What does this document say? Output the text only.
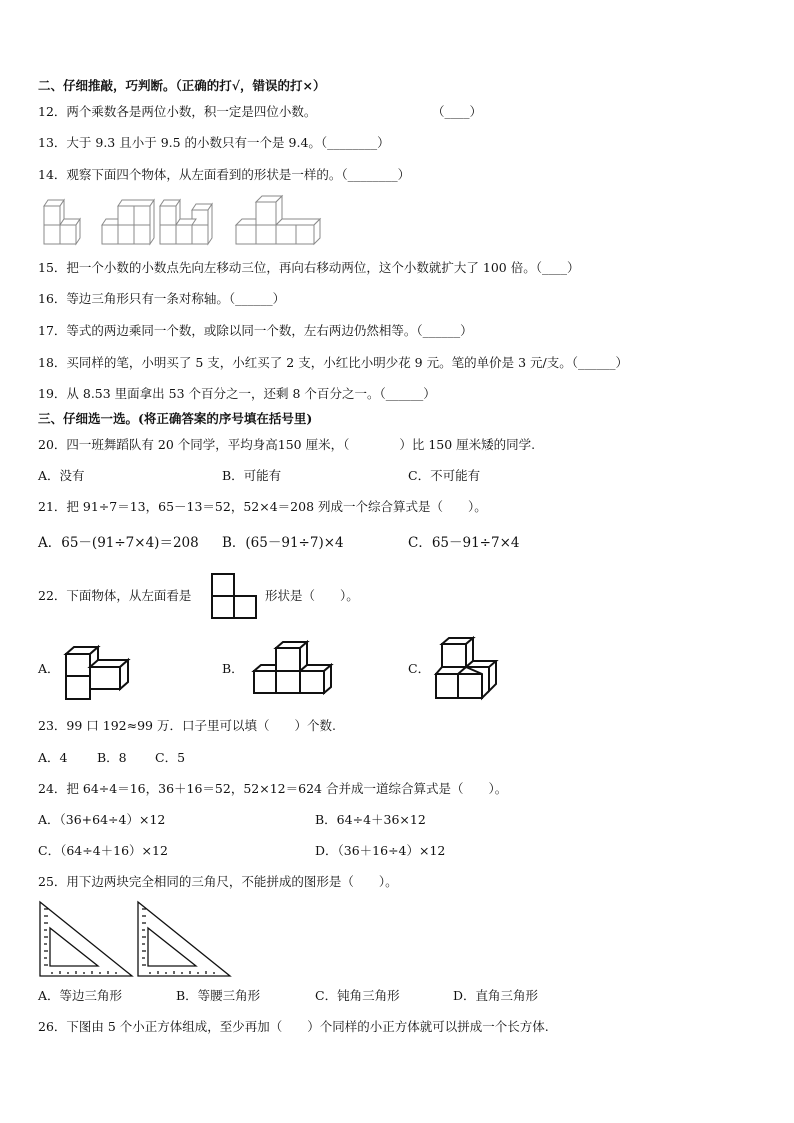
二、仔细推敲，巧判断。（正确的打√，错误的打×）
12．两个乘数各是两位小数，积一定是四位小数。	（____）
13．大于 9.3 且小于 9.5 的小数只有一个是 9.4。（________）
14．观察下面四个物体，从左面看到的形状是一样的。（________）
15．把一个小数的小数点先向左移动三位，再向右移动两位，这个小数就扩大了 100 倍。（____）
16．等边三角形只有一条对称轴。（______）
17．等式的两边乘同一个数，或除以同一个数，左右两边仍然相等。（______）
18．买同样的笔，小明买了 5 支，小红买了 2 支，小红比小明少花 9 元。笔的单价是 3 元/支。（______）
19．从 8.53 里面拿出 53 个百分之一，还剩 8 个百分之一。（______）
三、仔细选一选。(将正确答案的序号填在括号里)
20．四一班舞蹈队有 20 个同学，平均身高150 厘米，（　　　　）比 150 厘米矮的同学.
A．没有	B．可能有	C．不可能有
21．把 91÷7＝13，65－13＝52，52×4＝208 列成一个综合算式是（　　）。
A．65－(91÷7×4)＝208 B．(65－91÷7)×4	C．65－91÷7×4
22．下面物体，从左面看是	形状是（　　）。
A．	B．	C．
23．99 口 192≈99 万．口子里可以填（　　）个数.
A．4 B．8 C．5
24．把 64÷4＝16，36＋16＝52，52×12＝624 合并成一道综合算式是（　　）。
A．（36+64÷4）×12	B．64÷4＋36×12
C．（64÷4＋16）×12	D．（36＋16÷4）×12
25．用下边两块完全相同的三角尺，不能拼成的图形是（　　）。
A．等边三角形	B．等腰三角形	C．钝角三角形	D．直角三角形
26．下图由 5 个小正方体组成，至少再加（　　）个同样的小正方体就可以拼成一个长方体.
